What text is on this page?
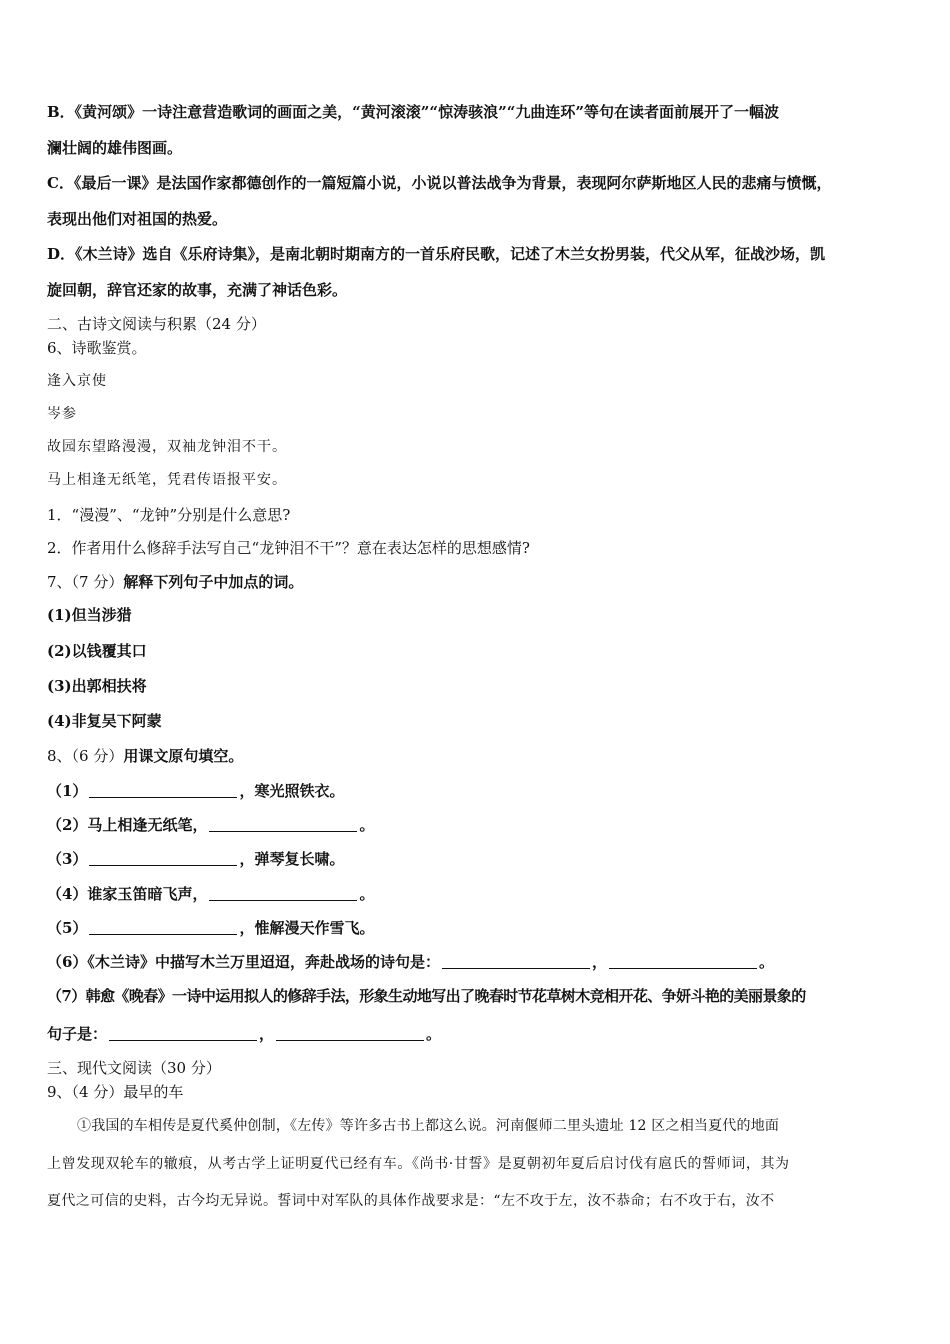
B．《黄河颂》一诗注意营造歌词的画面之美，“黄河滚滚”“惊涛骇浪”“九曲连环”等句在读者面前展开了一幅波
澜壮阔的雄伟图画。
C．《最后一课》是法国作家都德创作的一篇短篇小说，小说以普法战争为背景，表现阿尔萨斯地区人民的悲痛与愤慨，
表现出他们对祖国的热爱。
D．《木兰诗》选自《乐府诗集》，是南北朝时期南方的一首乐府民歌，记述了木兰女扮男装，代父从军，征战沙场，凯
旋回朝，辞官还家的故事，充满了神话色彩。
二、古诗文阅读与积累（24 分）
6、诗歌鉴赏。
逢入京使
岑参
故园东望路漫漫，双袖龙钟泪不干。
马上相逢无纸笔，凭君传语报平安。
1．“漫漫”、“龙钟”分别是什么意思?
2．作者用什么修辞手法写自己“龙钟泪不干”？意在表达怎样的思想感情?
7、（7 分）解释下列句子中加点的词。
(1)但当涉猎
(2)以钱覆其口
(3)出郭相扶将
(4)非复吴下阿蒙
8、（6 分）用课文原句填空。
（1）	，寒光照铁衣。
（2）马上相逢无纸笔，	。
（3）	，弹琴复长啸。
（4）谁家玉笛暗飞声，	。
（5）	，惟解漫天作雪飞。
（6）《木兰诗》中描写木兰万里迢迢，奔赴战场的诗句是：	，	。
（7）韩愈《晚春》一诗中运用拟人的修辞手法，形象生动地写出了晚春时节花草树木竞相开花、争妍斗艳的美丽景象的
句子是：	，	。
三、现代文阅读（30 分）
9、（4 分）最早的车
①我国的车相传是夏代奚仲创制，《左传》等许多古书上都这么说。河南偃师二里头遗址 12 区之相当夏代的地面
上曾发现双轮车的辙痕，从考古学上证明夏代已经有车。《尚书·甘誓》是夏朝初年夏后启讨伐有扈氏的誓师词，其为
夏代之可信的史料，古今均无异说。誓词中对军队的具体作战要求是：“左不攻于左，汝不恭命；右不攻于右，汝不
